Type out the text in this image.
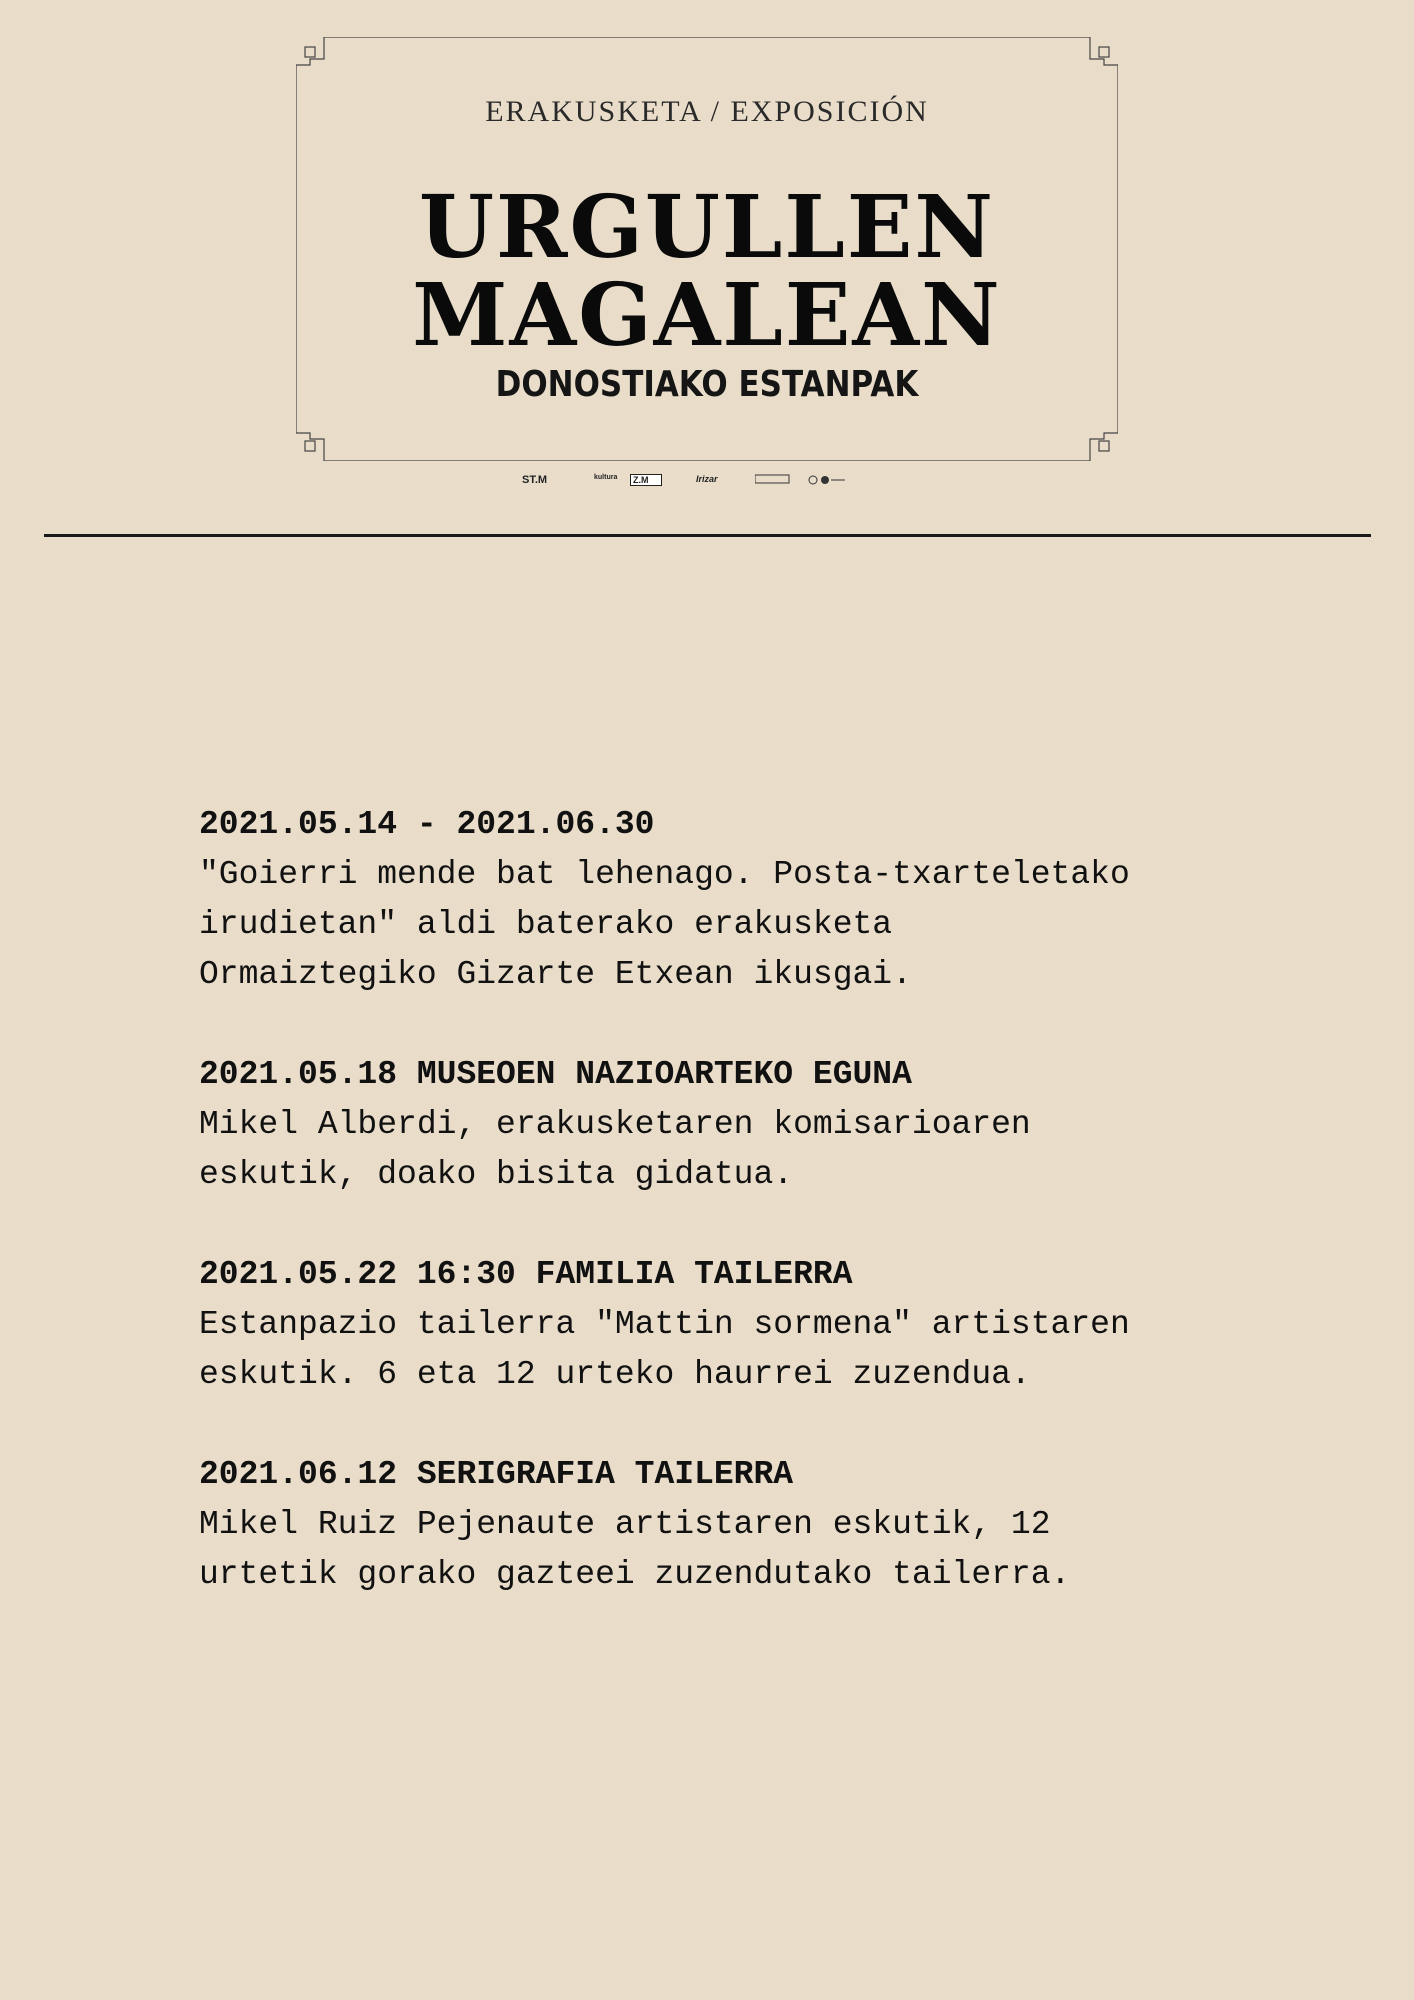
ERAKUSKETA / EXPOSICIÓN
URGULLEN
MAGALEAN
DONOSTIAKO ESTANPAK
ST.M	kultura	Z.M	Irizar
2021.05.14 - 2021.06.30
"Goierri mende bat lehenago. Posta-txarteletako
irudietan" aldi baterako erakusketa
Ormaiztegiko Gizarte Etxean ikusgai.
2021.05.18 MUSEOEN NAZIOARTEKO EGUNA
Mikel Alberdi, erakusketaren komisarioaren
eskutik, doako bisita gidatua.
2021.05.22 16:30 FAMILIA TAILERRA
Estanpazio tailerra "Mattin sormena" artistaren
eskutik. 6 eta 12 urteko haurrei zuzendua.
2021.06.12 SERIGRAFIA TAILERRA
Mikel Ruiz Pejenaute artistaren eskutik, 12
urtetik gorako gazteei zuzendutako tailerra.
